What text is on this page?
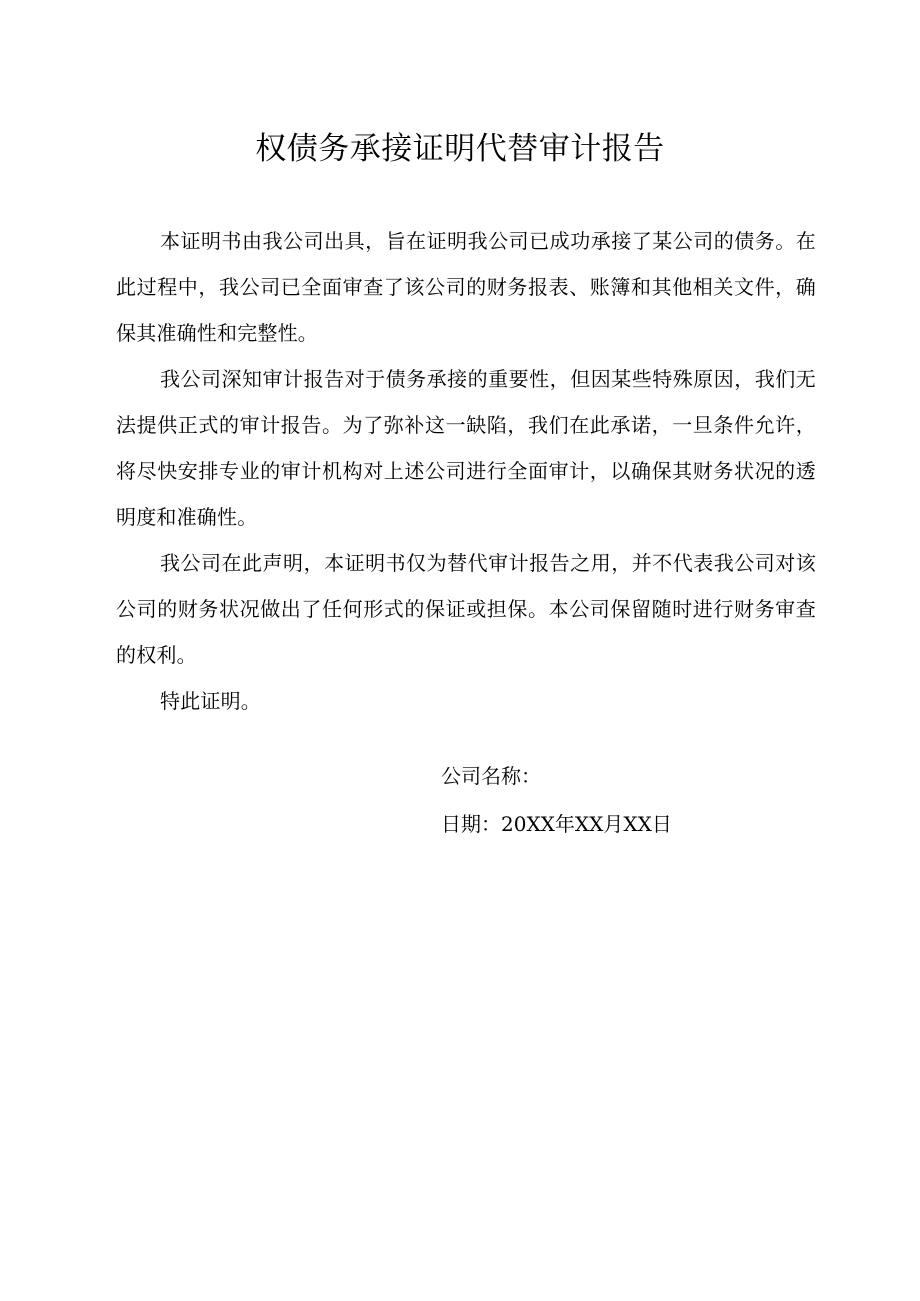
权债务承接证明代替审计报告

本证明书由我公司出具，旨在证明我公司已成功承接了某公司的债务。在此过程中，我公司已全面审查了该公司的财务报表、账簿和其他相关文件，确保其准确性和完整性。

我公司深知审计报告对于债务承接的重要性，但因某些特殊原因，我们无法提供正式的审计报告。为了弥补这一缺陷，我们在此承诺，一旦条件允许，将尽快安排专业的审计机构对上述公司进行全面审计，以确保其财务状况的透明度和准确性。

我公司在此声明，本证明书仅为替代审计报告之用，并不代表我公司对该公司的财务状况做出了任何形式的保证或担保。本公司保留随时进行财务审查的权利。

特此证明。

公司名称：

日期：20XX年XX月XX日
